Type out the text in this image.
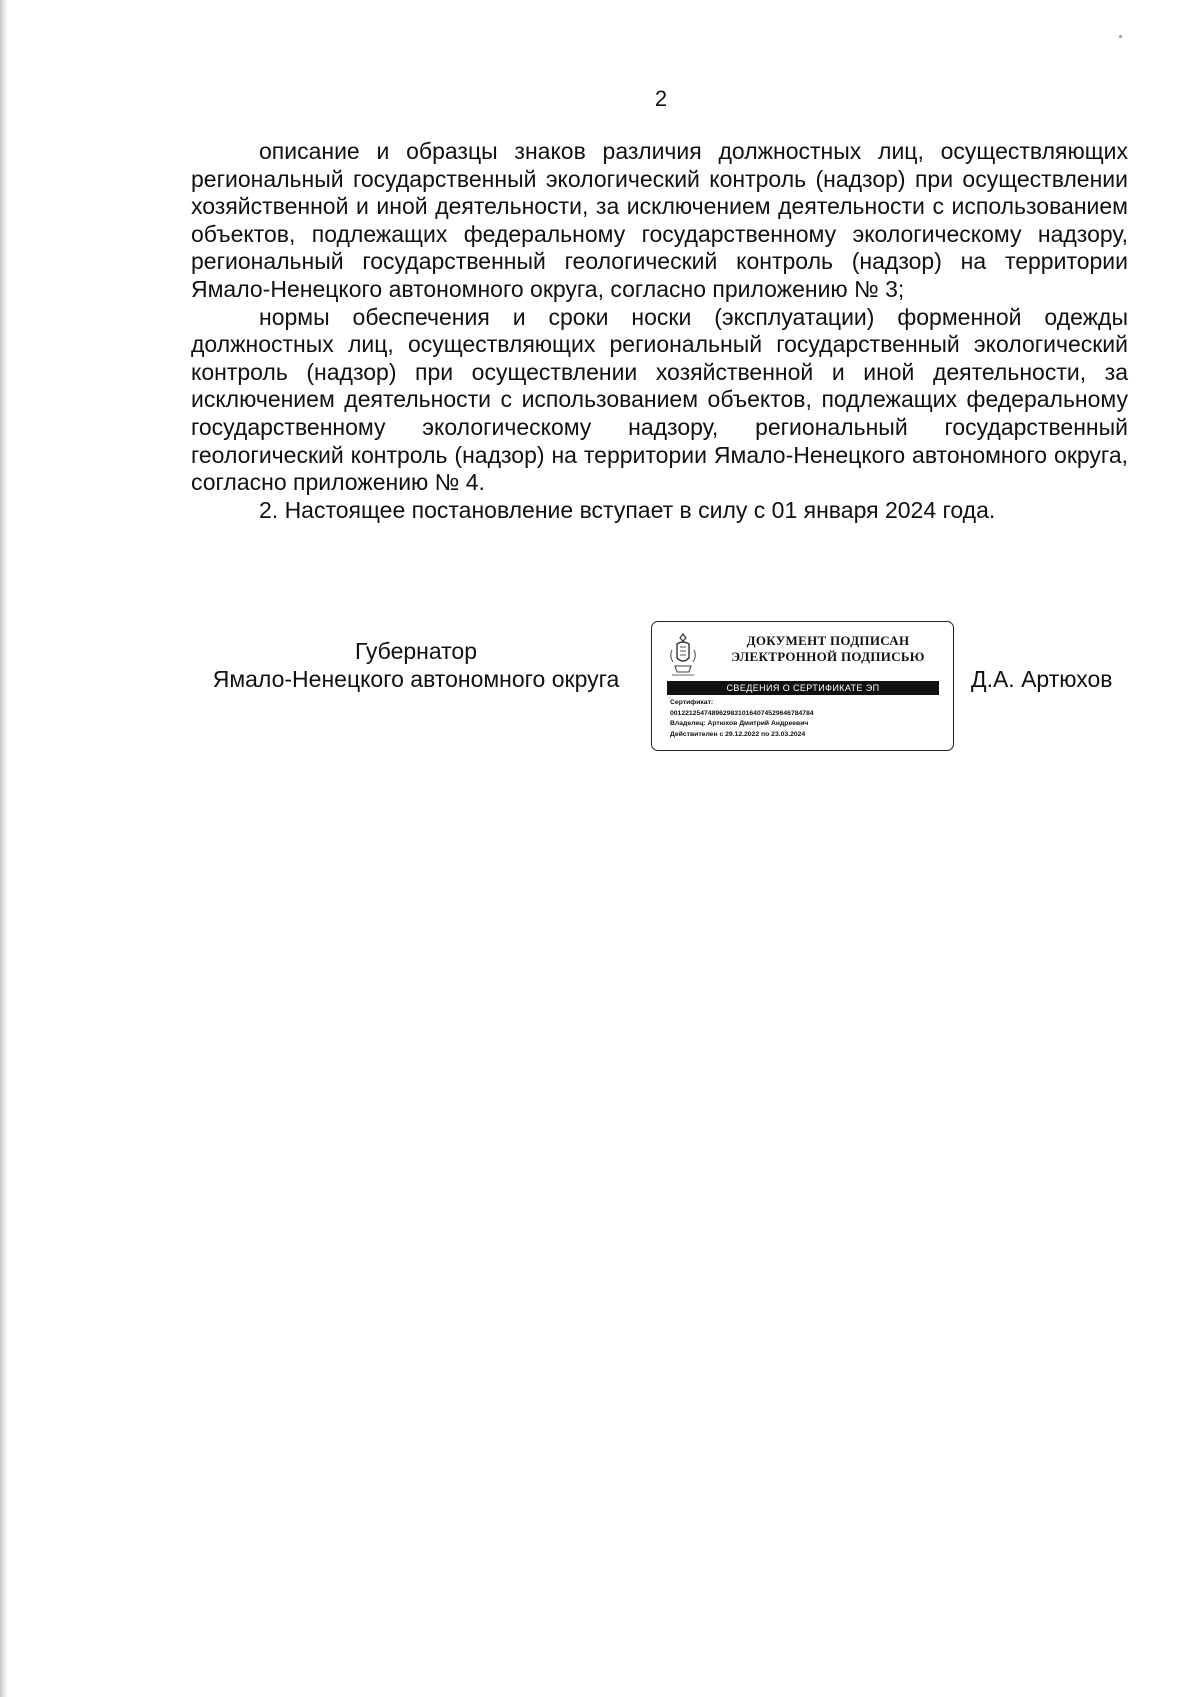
2

описание и образцы знаков различия должностных лиц, осуществляющих региональный государственный экологический контроль (надзор) при осуществлении хозяйственной и иной деятельности, за исключением деятельности с использованием объектов, подлежащих федеральному государственному экологическому надзору, региональный государственный геологический контроль (надзор) на территории Ямало-Ненецкого автономного округа, согласно приложению № 3;

нормы обеспечения и сроки носки (эксплуатации) форменной одежды должностных лиц, осуществляющих региональный государственный экологический контроль (надзор) при осуществлении хозяйственной и иной деятельности, за исключением деятельности с использованием объектов, подлежащих федеральному государственному экологическому надзору, региональный государственный геологический контроль (надзор) на территории Ямало-Ненецкого автономного округа, согласно приложению № 4.

2. Настоящее постановление вступает в силу с 01 января 2024 года.

Губернатор
Ямало-Ненецкого автономного округа
ДОКУМЕНТ ПОДПИСАН
ЭЛЕКТРОННОЙ ПОДПИСЬЮ
СВЕДЕНИЯ О СЕРТИФИКАТЕ ЭП
Сертификат:
00122125474896298310164074529646784784
Владелец: Артюхов Дмитрий Андреевич
Действителен с 29.12.2022 по 23.03.2024
Д.А. Артюхов
